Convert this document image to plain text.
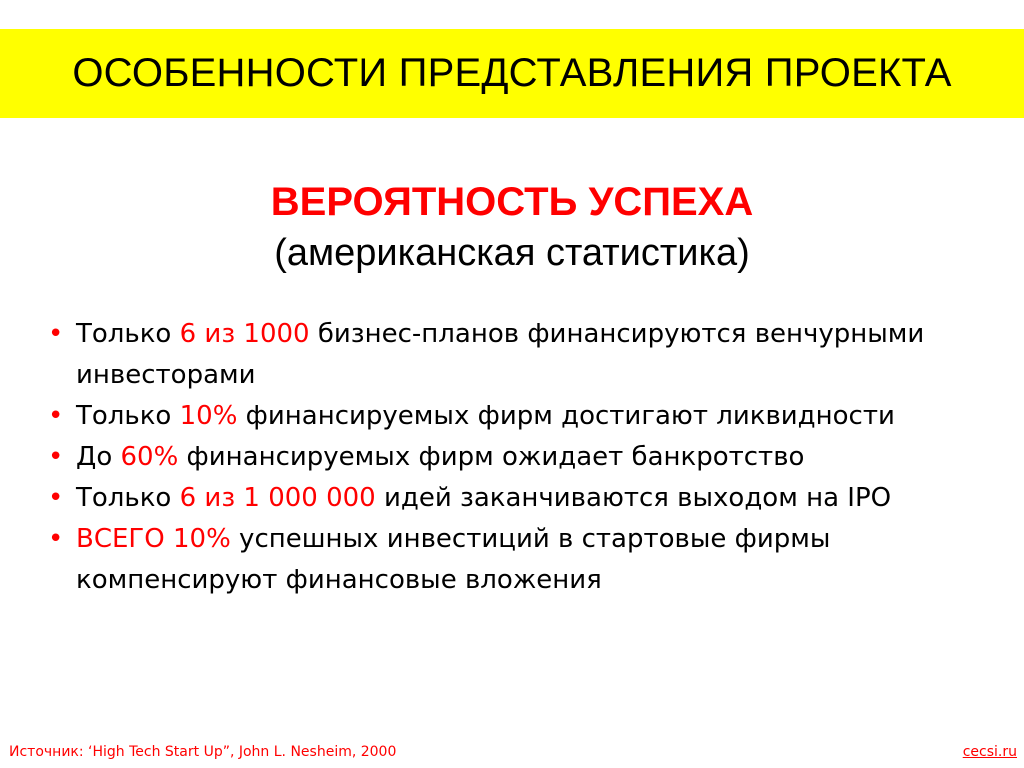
ОСОБЕННОСТИ ПРЕДСТАВЛЕНИЯ ПРОЕКТА
ВЕРОЯТНОСТЬ УСПЕХА
(американская статистика)
• Только 6 из 1000 бизнес-планов финансируются венчурными инвесторами
• Только 10% финансируемых фирм достигают ликвидности
• До 60% финансируемых фирм ожидает банкротство
• Только 6 из 1 000 000 идей заканчиваются выходом на IPO
• ВСЕГО 10% успешных инвестиций в стартовые фирмы компенсируют финансовые вложения
Источник: ‘High Tech Start Up”, John L. Nesheim, 2000	cecsi.ru
